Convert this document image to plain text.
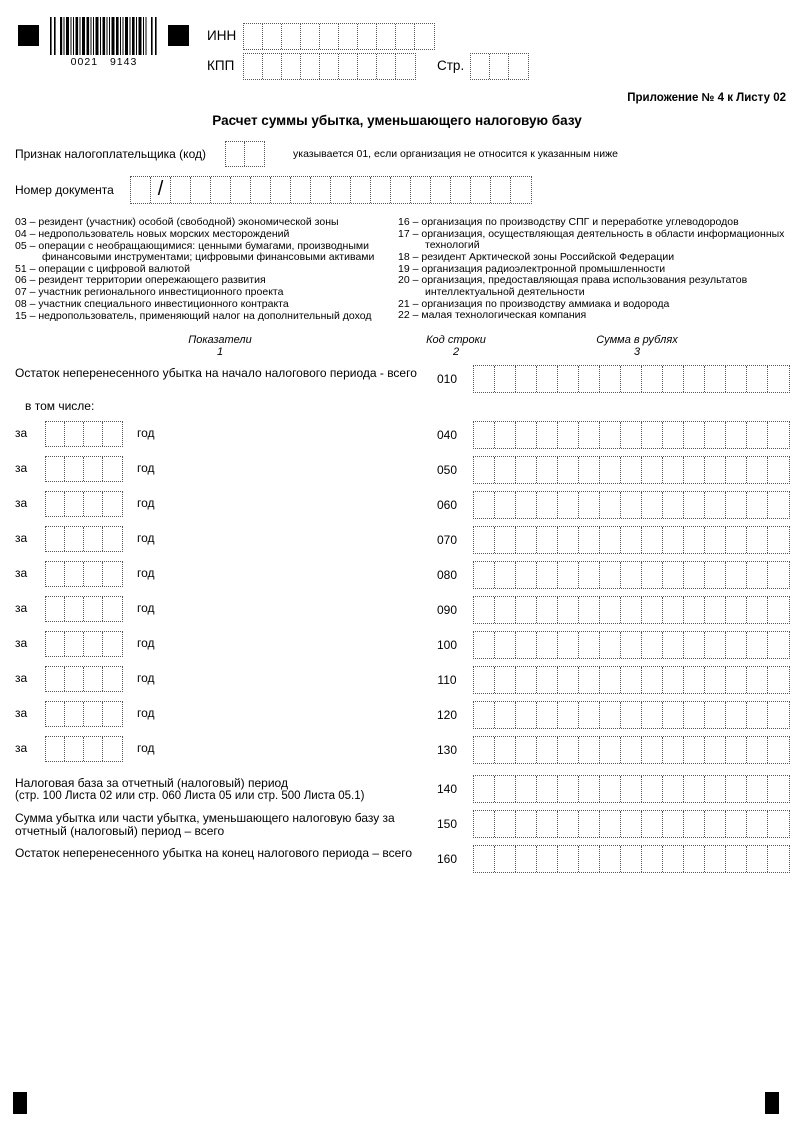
0021 9143
ИНН
КПП	Стр.
Приложение № 4 к Листу 02
Расчет суммы убытка, уменьшающего налоговую базу
Признак налогоплательщика (код)	указывается 01, если организация не относится к указанным ниже
Номер документа	/
03 – резидент (участник) особой (свободной) экономической зоны
04 – недропользователь новых морских месторождений
05 – операции с необращающимися: ценными бумагами, производными финансовыми инструментами; цифровыми финансовыми активами
51 – операции с цифровой валютой
06 – резидент территории опережающего развития
07 – участник регионального инвестиционного проекта
08 – участник специального инвестиционного контракта
15 – недропользователь, применяющий налог на дополнительный доход
16 – организация по производству СПГ и переработке углеводородов
17 – организация, осуществляющая деятельность в области информационных технологий
18 – резидент Арктической зоны Российской Федерации
19 – организация радиоэлектронной промышленности
20 – организация, предоставляющая права использования результатов интеллектуальной деятельности
21 – организация по производству аммиака и водорода
22 – малая технологическая компания
Показатели
1
Код строки
2
Сумма в рублях
3
Остаток неперенесенного убытка на начало налогового периода - всего	010
в том числе:
за	год	040
за	год	050
за	год	060
за	год	070
за	год	080
за	год	090
за	год	100
за	год	110
за	год	120
за	год	130
Налоговая база за отчетный (налоговый) период
(стр. 100 Листа 02 или стр. 060 Листа 05 или стр. 500 Листа 05.1)
140
Сумма убытка или части убытка, уменьшающего налоговую базу за отчетный (налоговый) период – всего
150
Остаток неперенесенного убытка на конец налогового периода – всего	160
